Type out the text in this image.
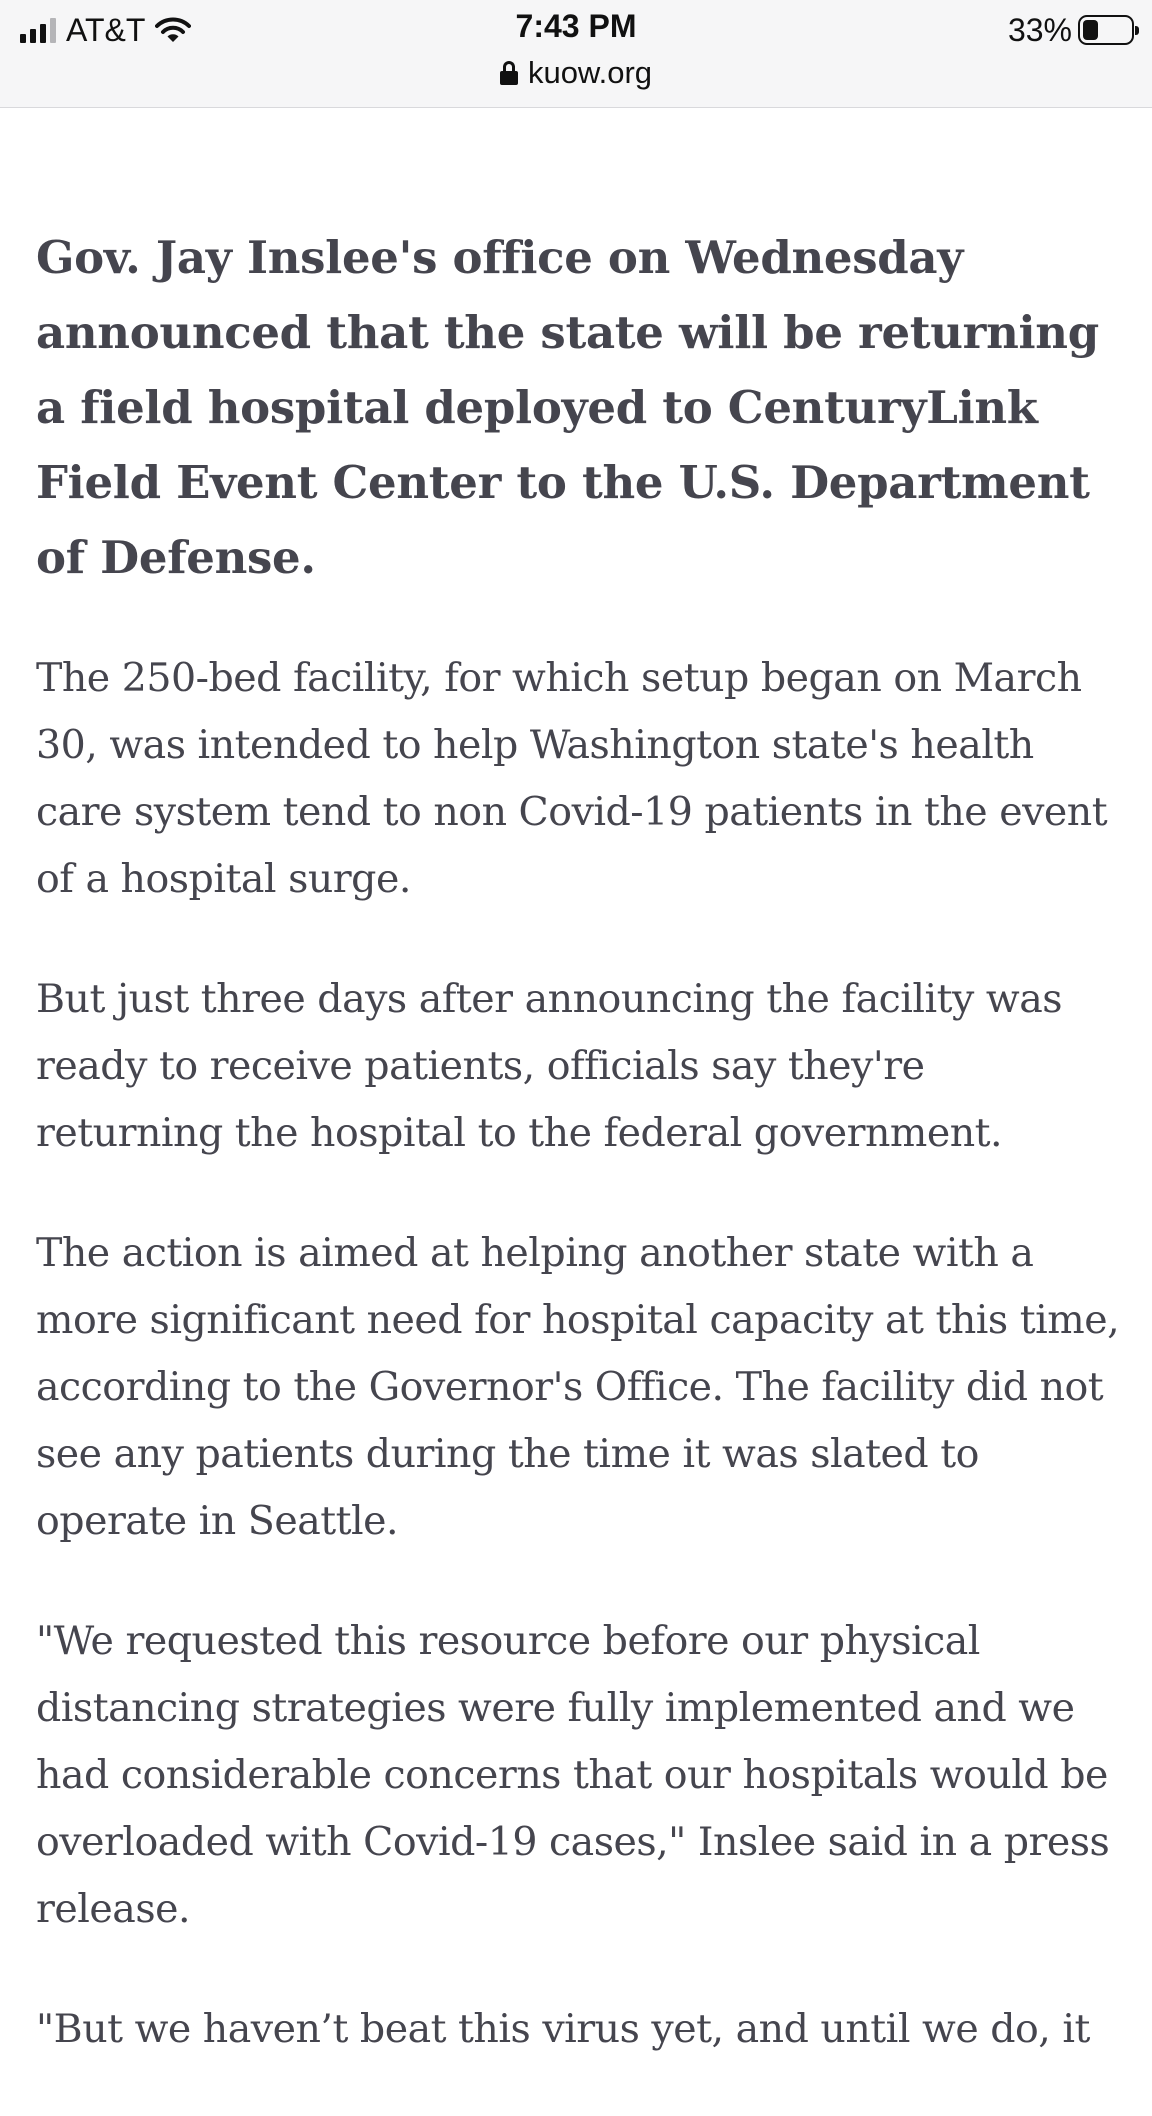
AT&T	7:43 PM	33%
kuow.org

Gov. Jay Inslee's office on Wednesday announced that the state will be returning a field hospital deployed to CenturyLink Field Event Center to the U.S. Department of Defense.

The 250-bed facility, for which setup began on March 30, was intended to help Washington state's health care system tend to non Covid-19 patients in the event of a hospital surge.

But just three days after announcing the facility was ready to receive patients, officials say they're returning the hospital to the federal government.

The action is aimed at helping another state with a more significant need for hospital capacity at this time, according to the Governor's Office. The facility did not see any patients during the time it was slated to operate in Seattle.

"We requested this resource before our physical distancing strategies were fully implemented and we had considerable concerns that our hospitals would be overloaded with Covid-19 cases," Inslee said in a press release.

"But we haven’t beat this virus yet, and until we do, it
